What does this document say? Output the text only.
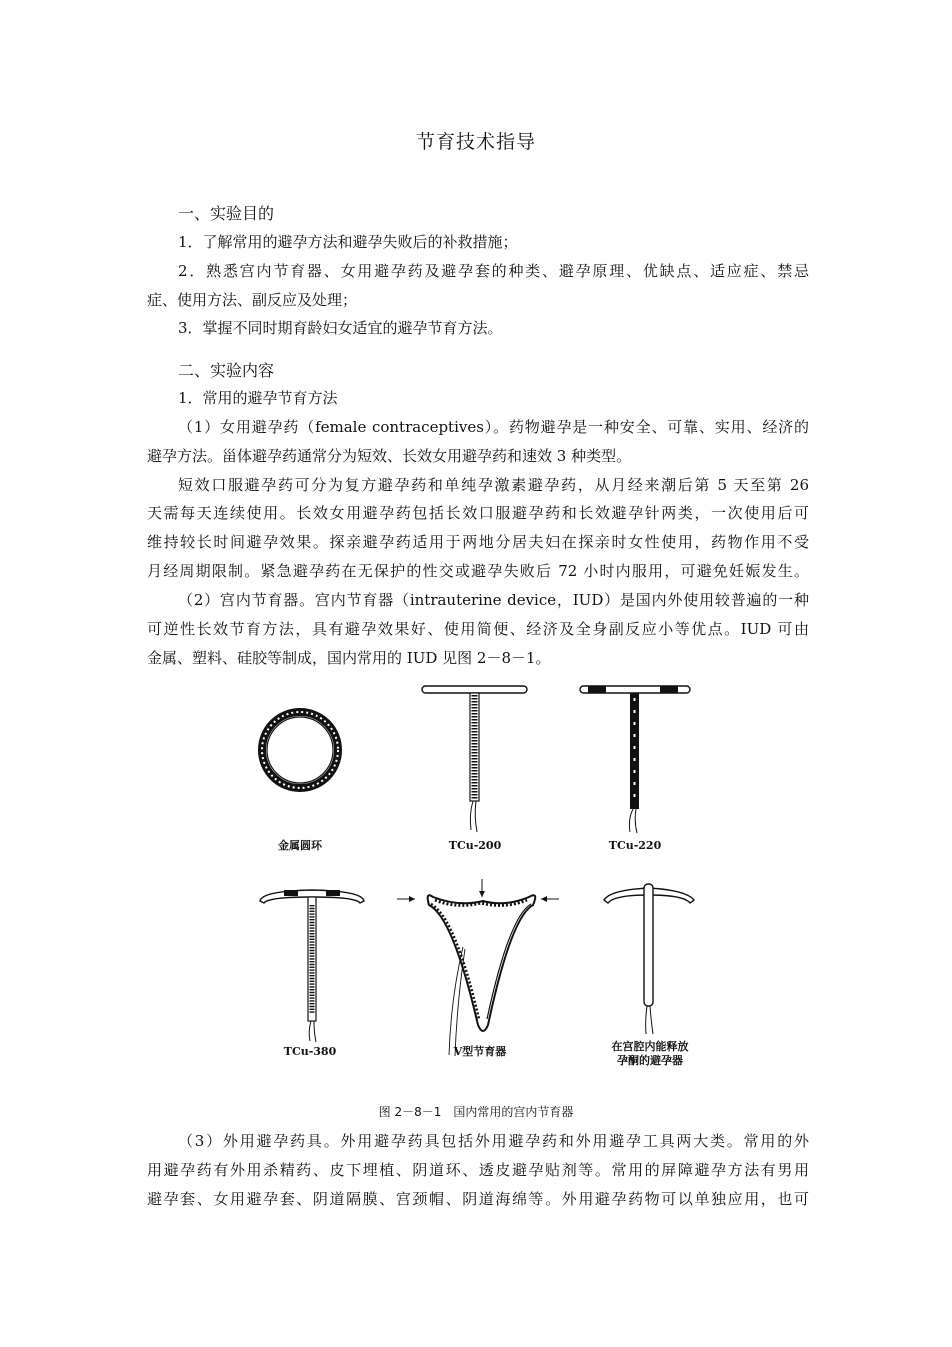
节育技术指导
一、实验目的
1．了解常用的避孕方法和避孕失败后的补救措施；
2．熟悉宫内节育器、女用避孕药及避孕套的种类、避孕原理、优缺点、适应症、禁忌
症、使用方法、副反应及处理；
3．掌握不同时期育龄妇女适宜的避孕节育方法。
二、实验内容
1．常用的避孕节育方法
（1）女用避孕药（female contraceptives）。药物避孕是一种安全、可靠、实用、经济的
避孕方法。甾体避孕药通常分为短效、长效女用避孕药和速效 3 种类型。
短效口服避孕药可分为复方避孕药和单纯孕激素避孕药，从月经来潮后第 5 天至第 26
天需每天连续使用。长效女用避孕药包括长效口服避孕药和长效避孕针两类，一次使用后可
维持较长时间避孕效果。探亲避孕药适用于两地分居夫妇在探亲时女性使用，药物作用不受
月经周期限制。紧急避孕药在无保护的性交或避孕失败后 72 小时内服用，可避免妊娠发生。
（2）宫内节育器。宫内节育器（intrauterine device，IUD）是国内外使用较普遍的一种
可逆性长效节育方法，具有避孕效果好、使用简便、经济及全身副反应小等优点。IUD 可由
金属、塑料、硅胶等制成，国内常用的 IUD 见图 2－8－1。
金属圆环	TCu-200	TCu-220
TCu-380	V型节育器	在宫腔内能释放
孕酮的避孕器
图 2－8－1　国内常用的宫内节育器
（3）外用避孕药具。外用避孕药具包括外用避孕药和外用避孕工具两大类。常用的外
用避孕药有外用杀精药、皮下埋植、阴道环、透皮避孕贴剂等。常用的屏障避孕方法有男用
避孕套、女用避孕套、阴道隔膜、宫颈帽、阴道海绵等。外用避孕药物可以单独应用，也可
